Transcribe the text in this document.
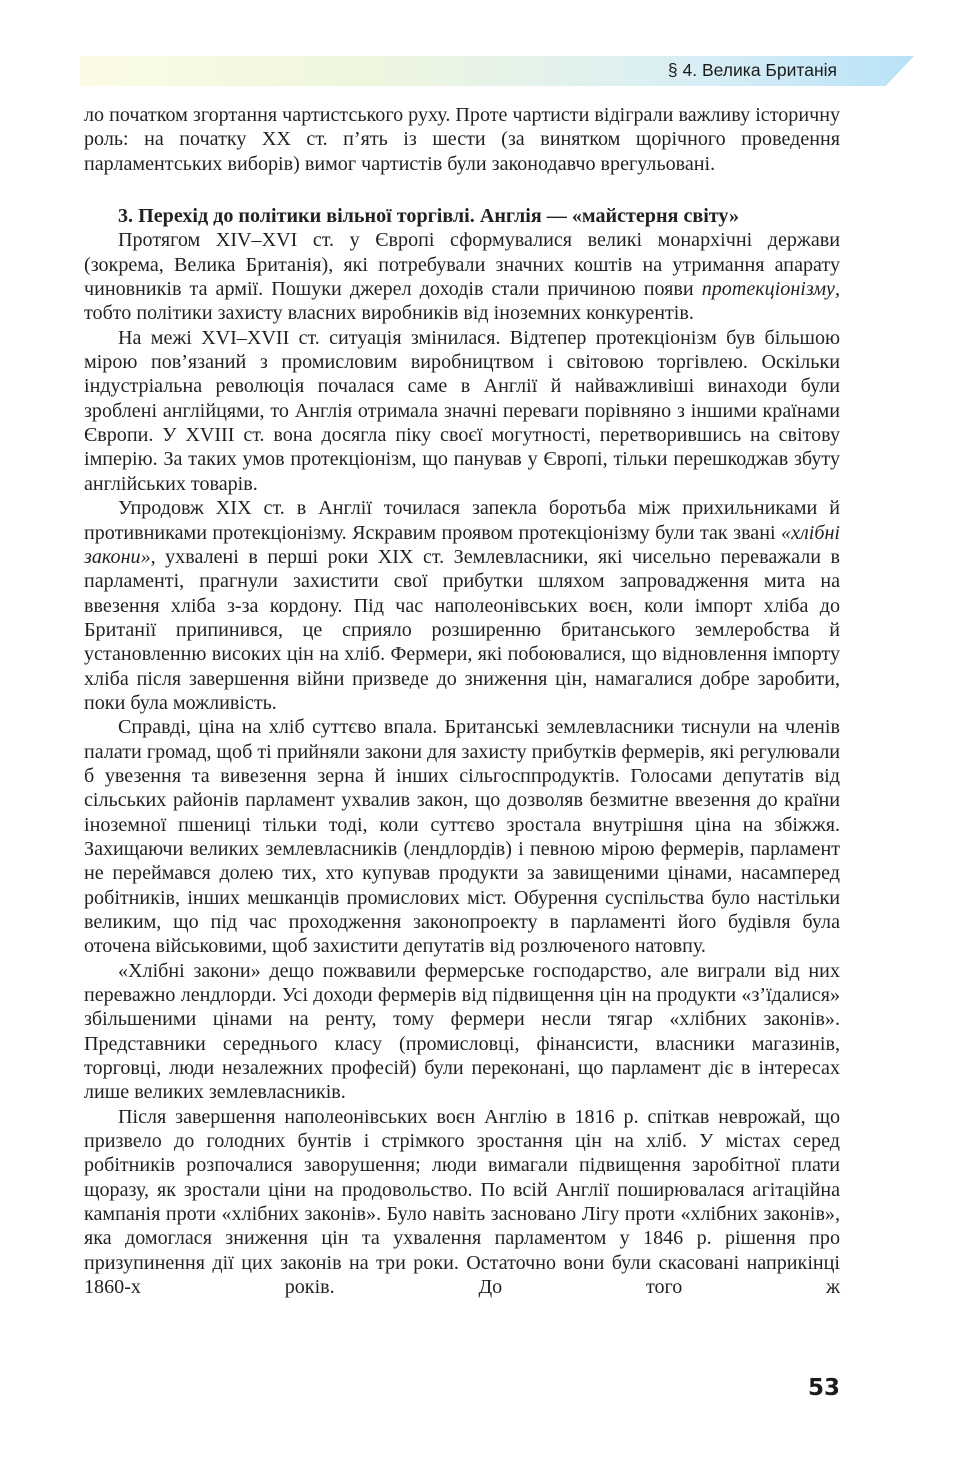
§ 4. Велика Британія

ло початком згортання чартистського руху. Проте чартисти відіграли важливу історичну роль: на початку XX ст. п’ять із шести (за винятком щорічного проведення парламентських виборів) вимог чартистів були законодавчо врегульовані.

3. Перехід до політики вільної торгівлі. Англія — «майстерня світу»

Протягом XIV–XVI ст. у Європі сформувалися великі монархічні держави (зокрема, Велика Британія), які потребували значних коштів на утримання апарату чиновників та армії. Пошуки джерел доходів стали причиною появи протекціонізму, тобто політики захисту власних виробників від іноземних конкурентів.

На межі XVI–XVII ст. ситуація змінилася. Відтепер протекціонізм був більшою мірою пов’язаний з промисловим виробництвом і світовою торгівлею. Оскільки індустріальна революція почалася саме в Англії й найважливіші винаходи були зроблені англійцями, то Англія отримала значні переваги порівняно з іншими країнами Європи. У XVIII ст. вона досягла піку своєї могутності, перетворившись на світову імперію. За таких умов протекціонізм, що панував у Європі, тільки перешкоджав збуту англійських товарів.

Упродовж XIX ст. в Англії точилася запекла боротьба між прихильниками й противниками протекціонізму. Яскравим проявом протекціонізму були так звані «хлібні закони», ухвалені в перші роки XIX ст. Землевласники, які чисельно переважали в парламенті, прагнули захистити свої прибутки шляхом запровадження мита на ввезення хліба з-за кордону. Під час наполеонівських воєн, коли імпорт хліба до Британії припинився, це сприяло розширенню британського землеробства й установленню високих цін на хліб. Фермери, які побоювалися, що відновлення імпорту хліба після завершення війни призведе до зниження цін, намагалися добре заробити, поки була можливість.

Справді, ціна на хліб суттєво впала. Британські землевласники тиснули на членів палати громад, щоб ті прийняли закони для захисту прибутків фермерів, які регулювали б увезення та вивезення зерна й інших сільгосппродуктів. Голосами депутатів від сільських районів парламент ухвалив закон, що дозволяв безмитне ввезення до країни іноземної пшениці тільки тоді, коли суттєво зростала внутрішня ціна на збіжжя. Захищаючи великих землевласників (лендлордів) і певною мірою фермерів, парламент не переймався долею тих, хто купував продукти за завищеними цінами, насамперед робітників, інших мешканців промислових міст. Обурення суспільства було настільки великим, що під час проходження законопроекту в парламенті його будівля була оточена військовими, щоб захистити депутатів від розлюченого натовпу.

«Хлібні закони» дещо пожвавили фермерське господарство, але виграли від них переважно лендлорди. Усі доходи фермерів від підвищення цін на продукти «з’їдалися» збільшеними цінами на ренту, тому фермери несли тягар «хлібних законів». Представники середнього класу (промисловці, фінансисти, власники магазинів, торговці, люди незалежних професій) були переконані, що парламент діє в інтересах лише великих землевласників.

Після завершення наполеонівських воєн Англію в 1816 р. спіткав неврожай, що призвело до голодних бунтів і стрімкого зростання цін на хліб. У містах серед робітників розпочалися заворушення; люди вимагали підвищення заробітної плати щоразу, як зростали ціни на продовольство. По всій Англії поширювалася агітаційна кампанія проти «хлібних законів». Було навіть засновано Лігу проти «хлібних законів», яка домоглася зниження цін та ухвалення парламентом у 1846 р. рішення про призупинення дії цих законів на три роки. Остаточно вони були скасовані наприкінці 1860-х років. До того ж

53
